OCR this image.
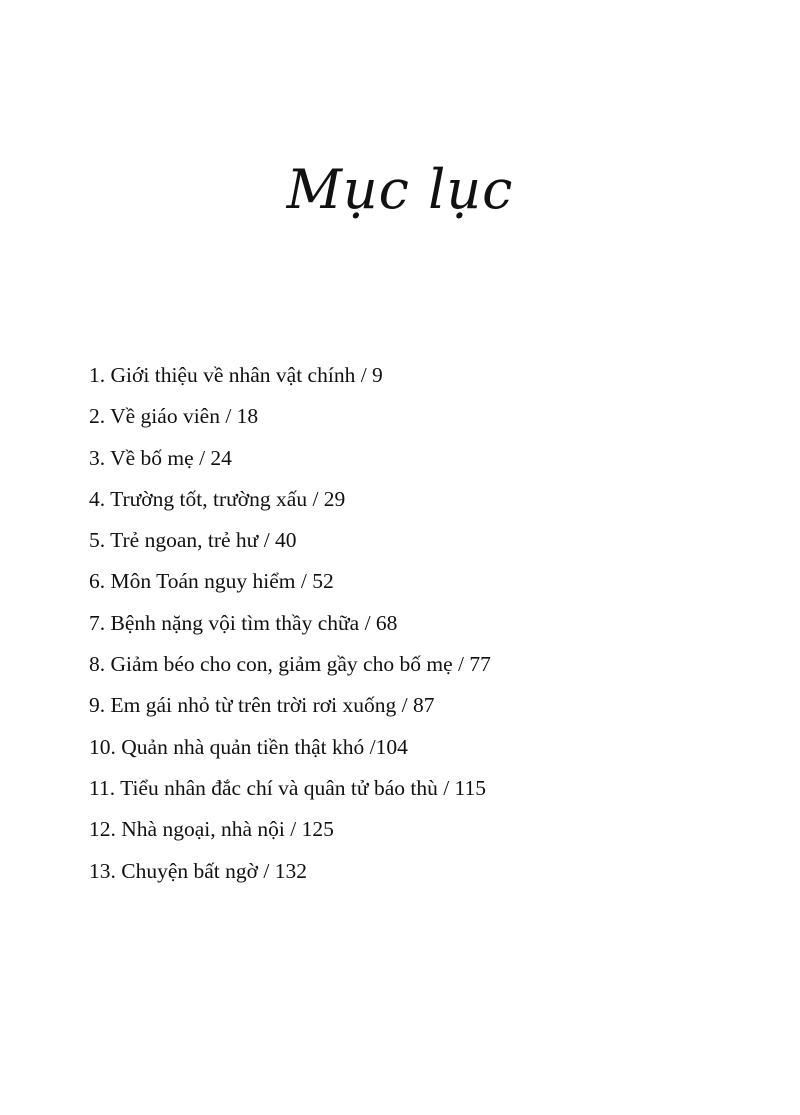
Mục lục
1. Giới thiệu về nhân vật chính / 9
2. Về giáo viên / 18
3. Về bố mẹ / 24
4. Trường tốt, trường xấu / 29
5. Trẻ ngoan, trẻ hư / 40
6. Môn Toán nguy hiểm / 52
7. Bệnh nặng vội tìm thầy chữa / 68
8. Giảm béo cho con, giảm gầy cho bố mẹ / 77
9. Em gái nhỏ từ trên trời rơi xuống / 87
10. Quản nhà quản tiền thật khó /104
11. Tiểu nhân đắc chí và quân tử báo thù / 115
12. Nhà ngoại, nhà nội / 125
13. Chuyện bất ngờ / 132
